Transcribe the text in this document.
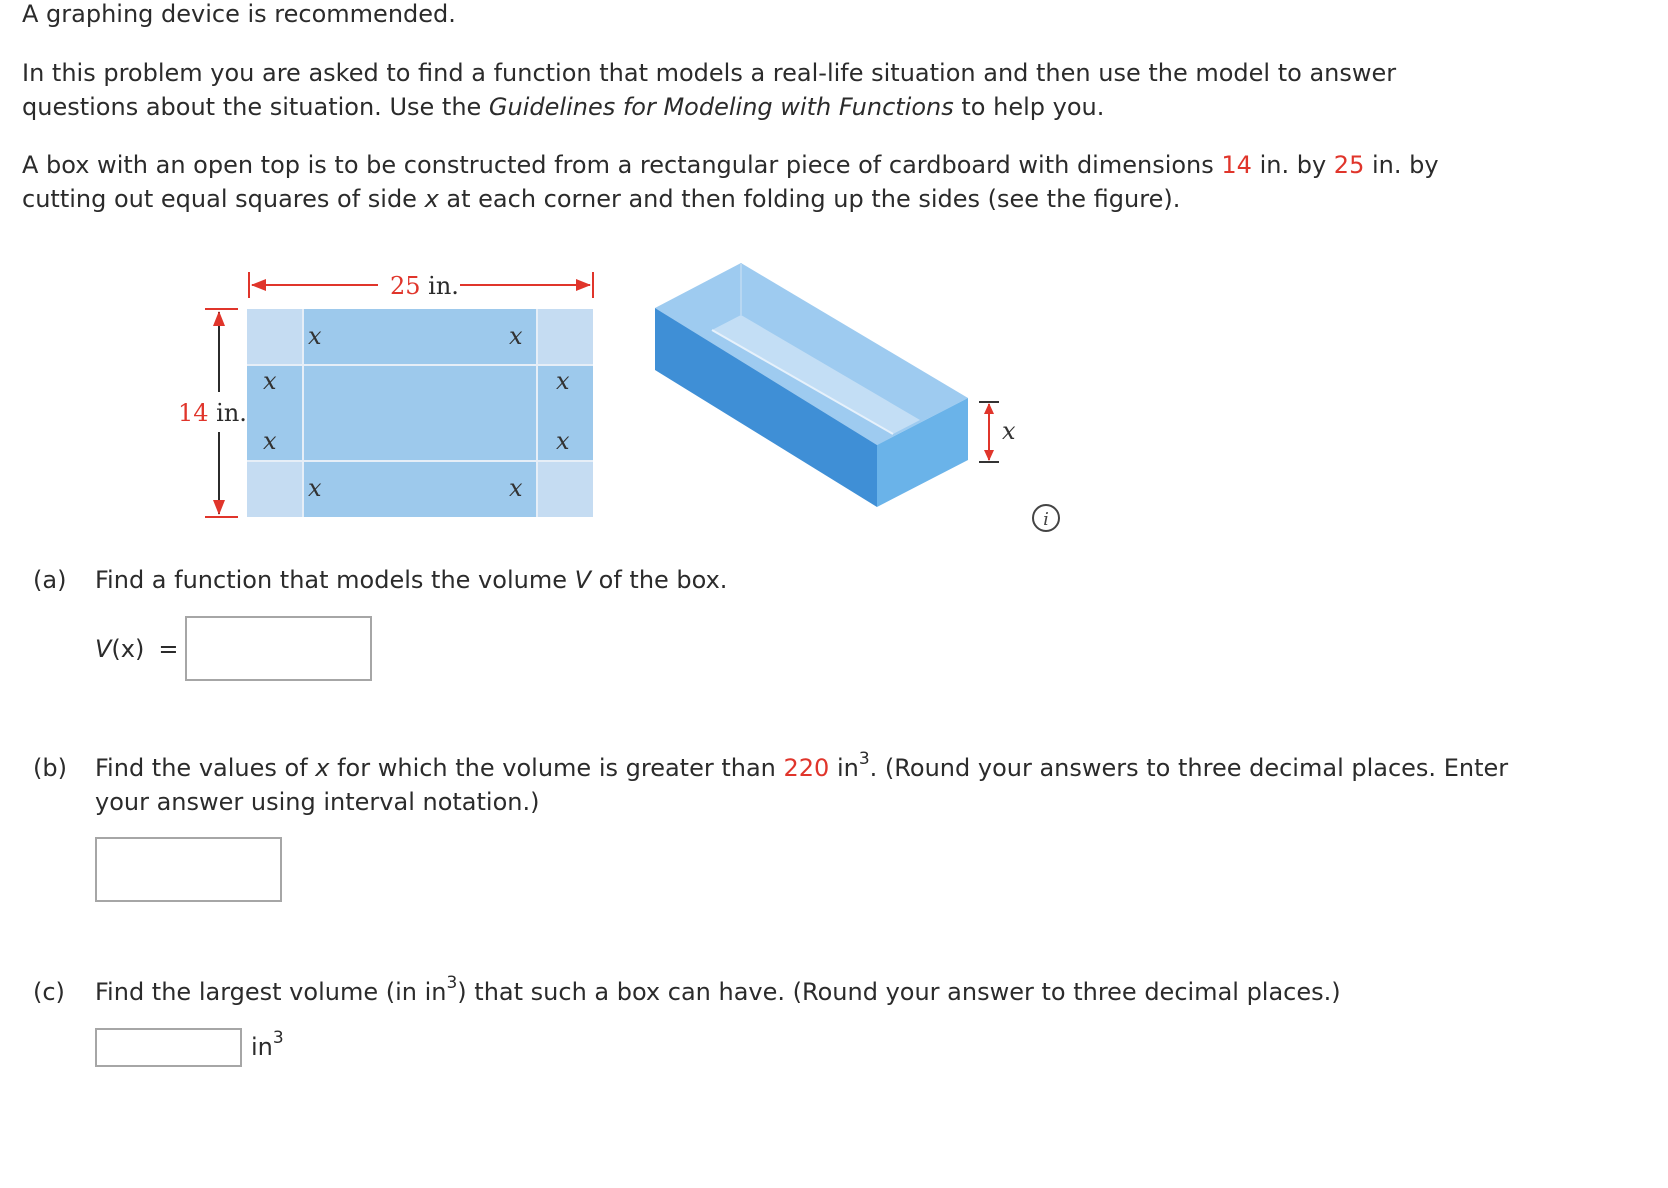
A graphing device is recommended.
In this problem you are asked to find a function that models a real-life situation and then use the model to answer
questions about the situation. Use the Guidelines for Modeling with Functions to help you.
A box with an open top is to be constructed from a rectangular piece of cardboard with dimensions 14 in. by 25 in. by
cutting out equal squares of side x at each corner and then folding up the sides (see the figure).
25 in.
14 in.
x	x
x	x
x	x
x	x
x
i
(a) Find a function that models the volume V of the box.
V(x) =
(b) Find the values of x for which the volume is greater than 220 $in^3$. (Round your answers to three decimal places. Enter
your answer using interval notation.)
(c) Find the largest volume (in $in^3$) that such a box can have. (Round your answer to three decimal places.)
$in^3$
